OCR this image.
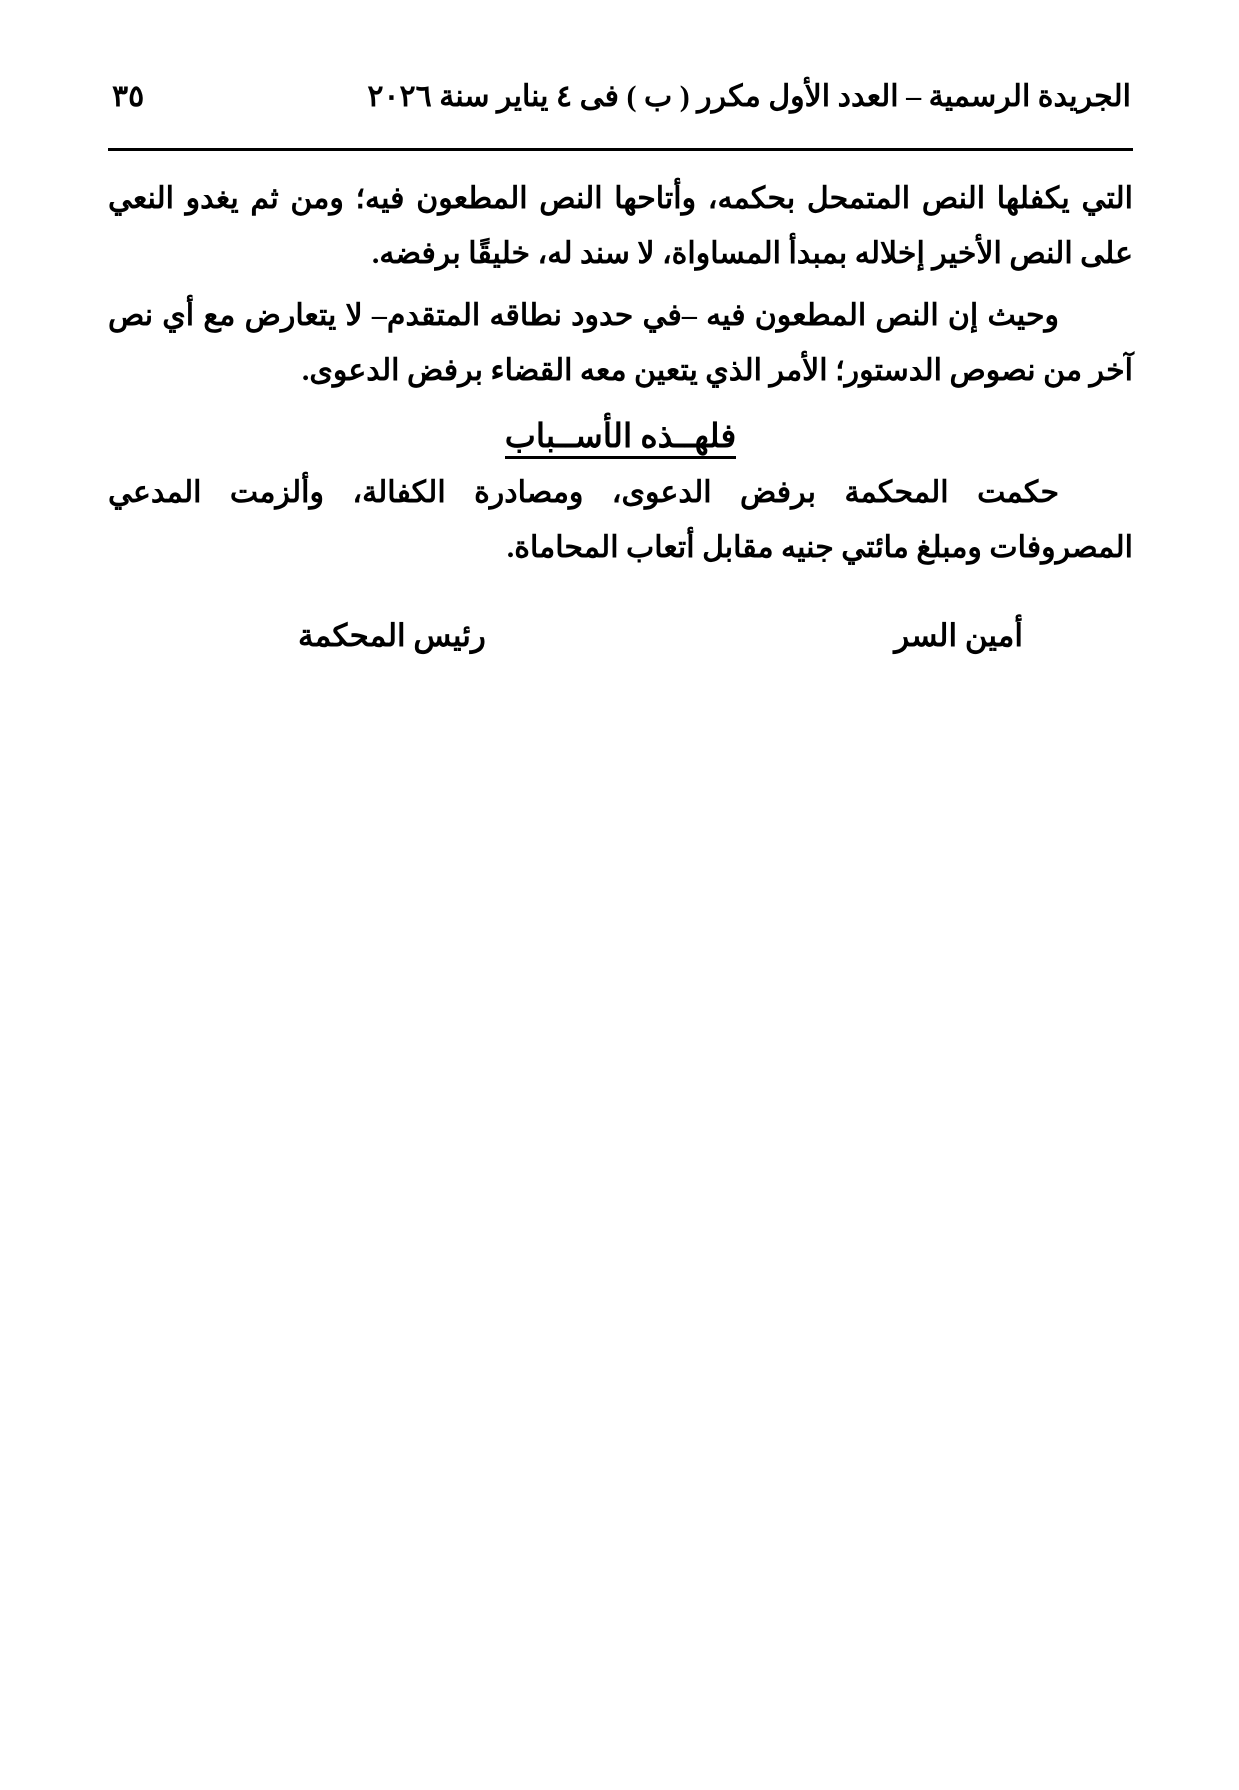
الجريدة الرسمية – العدد الأول مكرر ( ب ) فى ٤ يناير سنة ٢٠٢٦
٣٥

التي يكفلها النص المتمحل بحكمه، وأتاحها النص المطعون فيه؛ ومن ثم يغدو النعي على النص الأخير إخلاله بمبدأ المساواة، لا سند له، خليقًا برفضه.

وحيث إن النص المطعون فيه –في حدود نطاقه المتقدم– لا يتعارض مع أي نص آخر من نصوص الدستور؛ الأمر الذي يتعين معه القضاء برفض الدعوى.

فلهــذه الأســباب

حكمت المحكمة برفض الدعوى، ومصادرة الكفالة، وألزمت المدعي المصروفات ومبلغ مائتي جنيه مقابل أتعاب المحاماة.

أمين السر
رئيس المحكمة
